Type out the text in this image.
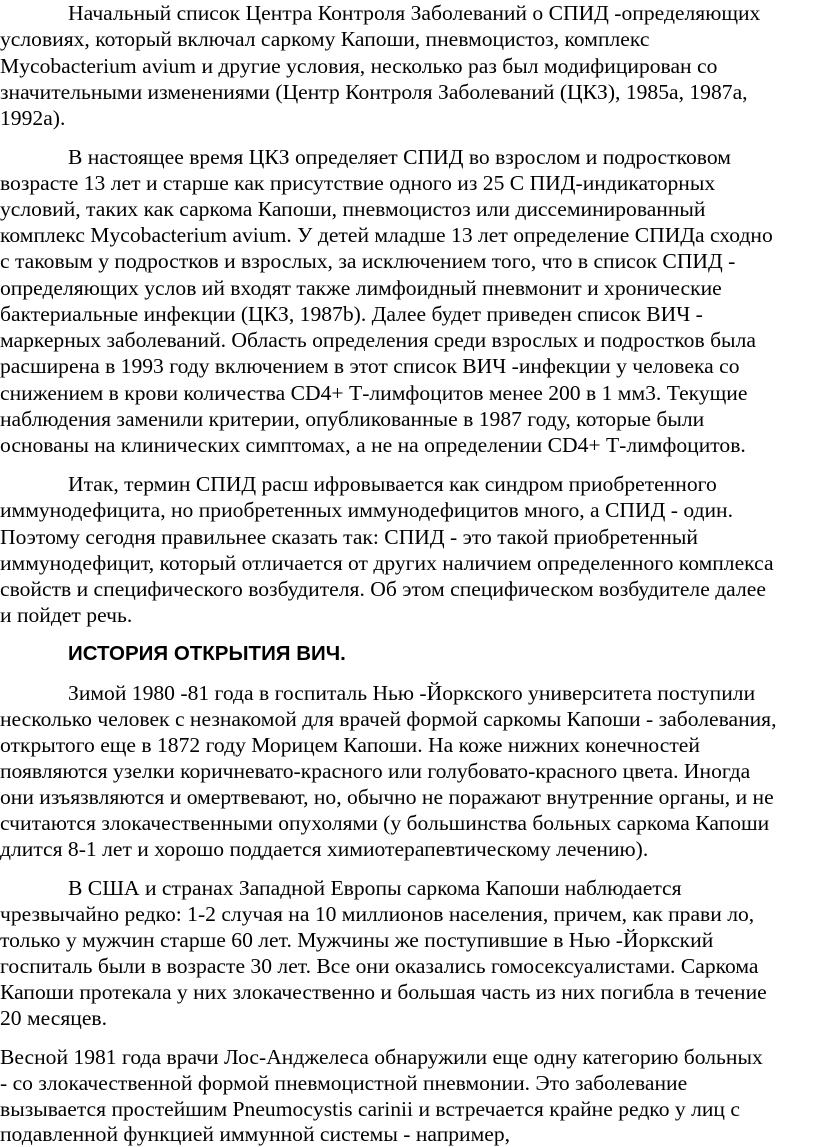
Начальный список Центра Контроля Заболеваний о СПИД -определяющих
условиях, который включал саркому Капоши, пневмоцистоз, комплекс
Mycobacterium avium и другие условия, несколько раз был модифицирован со
значительными изменениями (Центр Контроля Заболеваний (ЦКЗ), 1985а, 1987а,
1992а).
В настоящее время ЦКЗ определяет СПИД во взрослом и подростковом
возрасте 13 лет и старше как присутствие одного из 25 С ПИД-индикаторных
условий, таких как саркома Капоши, пневмоцистоз или диссеминированный
комплекс Mycobacterium avium. У детей младше 13 лет определение СПИДа сходно
с таковым у подростков и взрослых, за исключением того, что в список СПИД -
определяющих услов ий входят также лимфоидный пневмонит и хронические
бактериальные инфекции (ЦКЗ, 1987b). Далее будет приведен список ВИЧ -
маркерных заболеваний. Область определения среди взрослых и подростков была
расширена в 1993 году включением в этот список ВИЧ -инфекции у человека со
снижением в крови количества CD4+ Т-лимфоцитов менее 200 в 1 мм3. Текущие
наблюдения заменили критерии, опубликованные в 1987 году, которые были
основаны на клинических симптомах, а не на определении CD4+ Т-лимфоцитов.
Итак, термин СПИД расш ифровывается как синдром приобретенного
иммунодефицита, но приобретенных иммунодефицитов много, а СПИД - один.
Поэтому сегодня правильнее сказать так: СПИД - это такой приобретенный
иммунодефицит, который отличается от других наличием определенного комплекса
свойств и специфического возбудителя. Об этом специфическом возбудителе далее
и пойдет речь.
ИСТОРИЯ ОТКРЫТИЯ ВИЧ.
Зимой 1980 -81 года в госпиталь Нью -Йоркского университета поступили
несколько человек с незнакомой для врачей формой саркомы Капоши - заболевания,
открытого еще в 1872 году Морицем Капоши. На коже нижних конечностей
появляются узелки коричневато-красного или голубовато-красного цвета. Иногда
они изъязвляются и омертвевают, но, обычно не поражают внутренние органы, и не
считаются злокачественными опухолями (у большинства больных саркома Капоши
длится 8-1 лет и хорошо поддается химиотерапевтическому лечению).
В США и странах Западной Европы саркома Капоши наблюдается
чрезвычайно редко: 1-2 случая на 10 миллионов населения, причем, как прави ло,
только у мужчин старше 60 лет. Мужчины же поступившие в Нью -Йоркский
госпиталь были в возрасте 30 лет. Все они оказались гомосексуалистами. Саркома
Капоши протекала у них злокачественно и большая часть из них погибла в течение
20 месяцев.
Весной 1981 года врачи Лос-Анджелеса обнаружили еще одну категорию больных
- со злокачественной формой пневмоцистной пневмонии. Это заболевание
вызывается простейшим Pneumocystis carinii и встречается крайне редко у лиц с
подавленной функцией иммунной системы - например,
